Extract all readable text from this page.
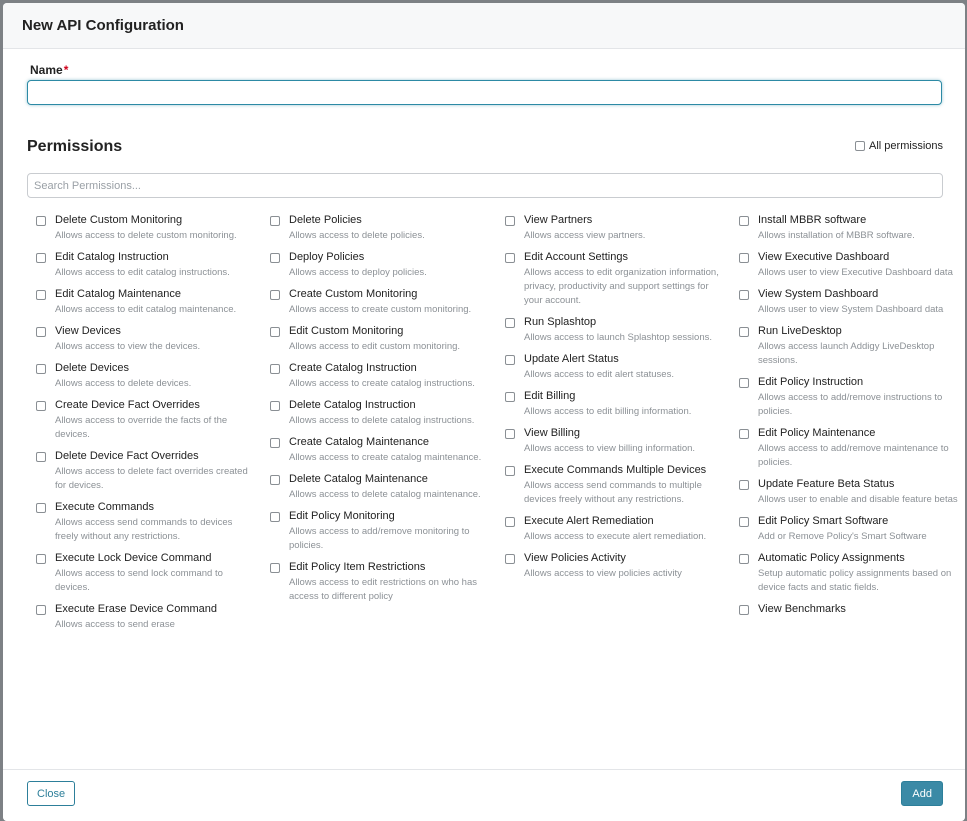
New API Configuration
Name*
Permissions	All permissions
Search Permissions...
Delete Custom Monitoring
Allows access to delete custom monitoring.
Edit Catalog Instruction
Allows access to edit catalog instructions.
Edit Catalog Maintenance
Allows access to edit catalog maintenance.
View Devices
Allows access to view the devices.
Delete Devices
Allows access to delete devices.
Create Device Fact Overrides
Allows access to override the facts of the devices.
Delete Device Fact Overrides
Allows access to delete fact overrides created for devices.
Execute Commands
Allows access send commands to devices freely without any restrictions.
Execute Lock Device Command
Allows access to send lock command to devices.
Execute Erase Device Command
Allows access to send erase
Delete Policies
Allows access to delete policies.
Deploy Policies
Allows access to deploy policies.
Create Custom Monitoring
Allows access to create custom monitoring.
Edit Custom Monitoring
Allows access to edit custom monitoring.
Create Catalog Instruction
Allows access to create catalog instructions.
Delete Catalog Instruction
Allows access to delete catalog instructions.
Create Catalog Maintenance
Allows access to create catalog maintenance.
Delete Catalog Maintenance
Allows access to delete catalog maintenance.
Edit Policy Monitoring
Allows access to add/remove monitoring to policies.
Edit Policy Item Restrictions
Allows access to edit restrictions on who has access to different policy
View Partners
Allows access view partners.
Edit Account Settings
Allows access to edit organization information, privacy, productivity and support settings for your account.
Run Splashtop
Allows access to launch Splashtop sessions.
Update Alert Status
Allows access to edit alert statuses.
Edit Billing
Allows access to edit billing information.
View Billing
Allows access to view billing information.
Execute Commands Multiple Devices
Allows access send commands to multiple devices freely without any restrictions.
Execute Alert Remediation
Allows access to execute alert remediation.
View Policies Activity
Allows access to view policies activity
Install MBBR software
Allows installation of MBBR software.
View Executive Dashboard
Allows user to view Executive Dashboard data
View System Dashboard
Allows user to view System Dashboard data
Run LiveDesktop
Allows access launch Addigy LiveDesktop sessions.
Edit Policy Instruction
Allows access to add/remove instructions to policies.
Edit Policy Maintenance
Allows access to add/remove maintenance to policies.
Update Feature Beta Status
Allows user to enable and disable feature betas
Edit Policy Smart Software
Add or Remove Policy's Smart Software
Automatic Policy Assignments
Setup automatic policy assignments based on device facts and static fields.
View Benchmarks
Close	Add
